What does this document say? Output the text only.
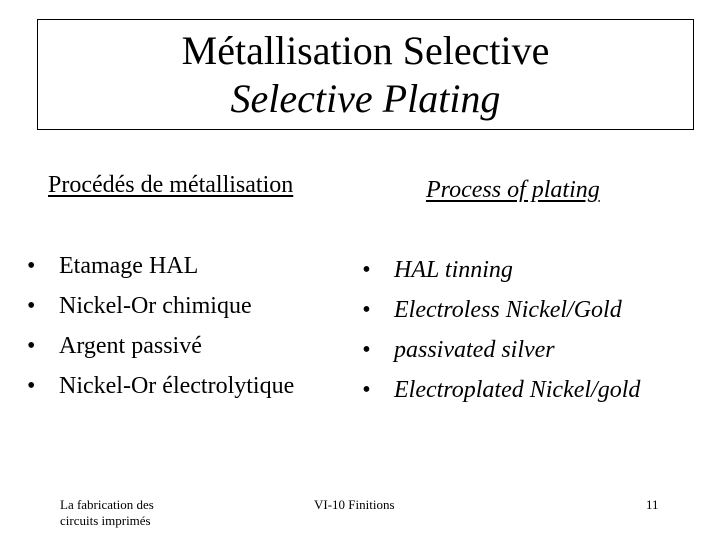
Métallisation Selective
Selective Plating
Procédés de métallisation	Process of plating
• Etamage HAL
• Nickel-Or chimique
• Argent passivé
• Nickel-Or électrolytique
• HAL tinning
• Electroless Nickel/Gold
• passivated silver
• Electroplated Nickel/gold
La fabrication des circuits imprimés
VI-10 Finitions	11
